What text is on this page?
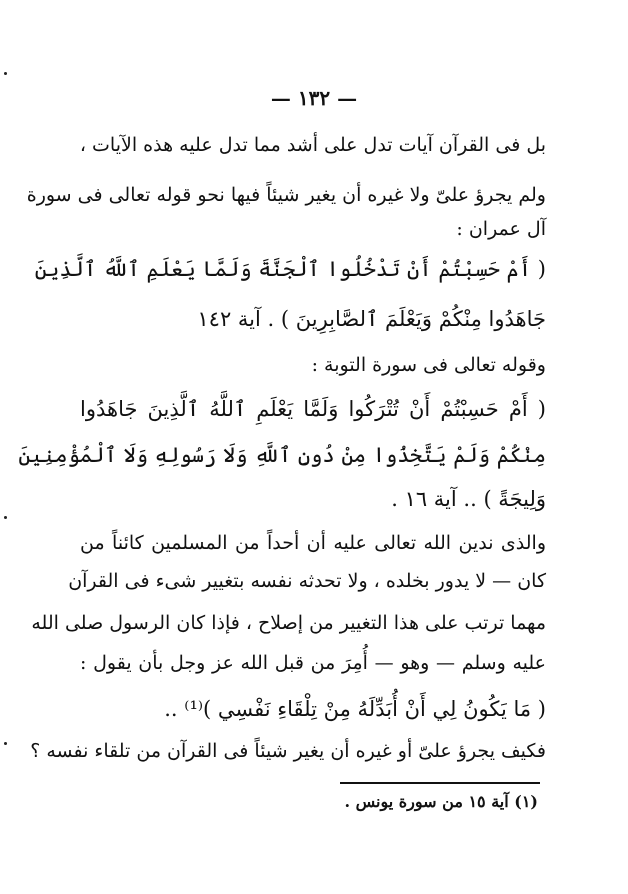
— ١٣٢ —
بل فى القرآن آيات تدل على أشد مما تدل عليه هذه الآيات ،
ولم يجرؤ علىّ ولا غيره أن يغير شيئاً فيها نحو قوله تعالى فى سورة
آل عمران :
( أَمْ حَسِبْتُمْ أَنْ تَدْخُلُوا ٱلْجَنَّةَ وَلَمَّا يَعْلَمِ ٱللَّهُ ٱلَّذِينَ
جَاهَدُوا مِنْكُمْ وَيَعْلَمَ ٱلصَّابِرِينَ ) . آية ١٤٢
وقوله تعالى فى سورة التوبة :
( أَمْ حَسِبْتُمْ أَنْ تُتْرَكُوا وَلَمَّا يَعْلَمِ ٱللَّهُ ٱلَّذِينَ جَاهَدُوا
مِنْكُمْ وَلَمْ يَتَّخِذُوا مِنْ دُونِ ٱللَّهِ وَلَا رَسُولِهِ وَلَا ٱلْمُؤْمِنِينَ
وَلِيجَةً ) .. آية ١٦ .
والذى ندين الله تعالى عليه أن أحداً من المسلمين كائناً من
كان — لا يدور بخلده ، ولا تحدثه نفسه بتغيير شىء فى القرآن
مهما ترتب على هذا التغيير من إصلاح ، فإذا كان الرسول صلى الله
عليه وسلم — وهو — أُمِرَ من قبل الله عز وجل بأن يقول :
( مَا يَكُونُ لِي أَنْ أُبَدِّلَهُ مِنْ تِلْقَاءِ نَفْسِي )⁽¹⁾ ..
فكيف يجرؤ علىّ أو غيره أن يغير شيئاً فى القرآن من تلقاء نفسه ؟
(١) آية ١٥ من سورة يونس .
